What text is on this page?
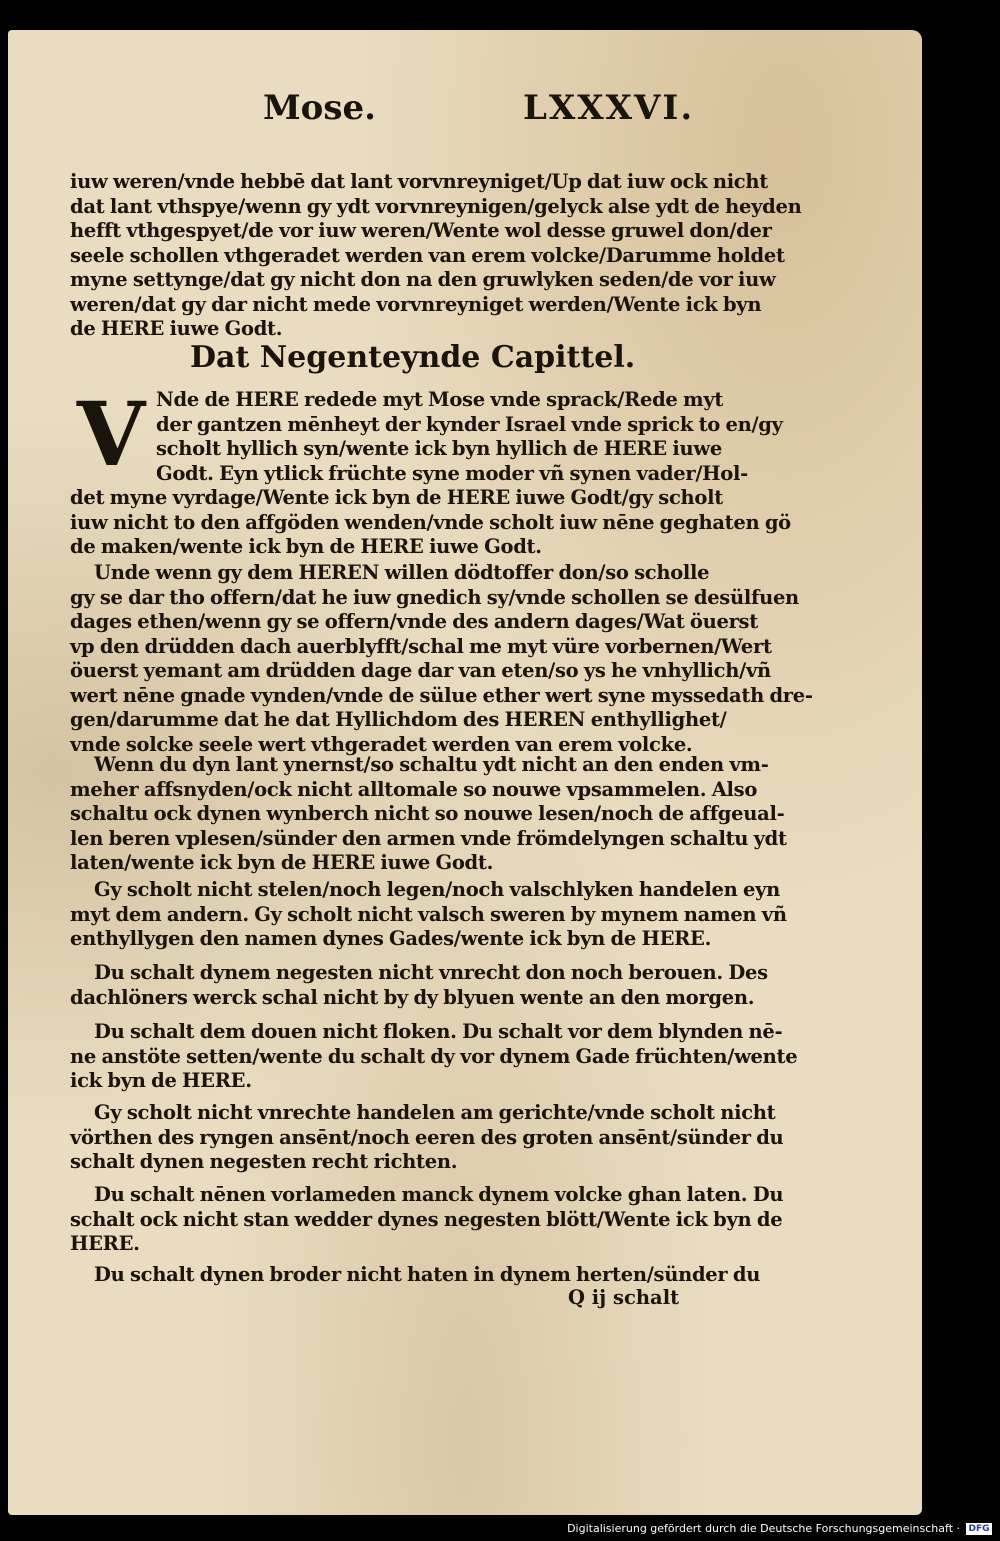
Mose.	LXXXVI.
iuw weren/vnde hebbē dat lant vorvnreyniget/Up dat iuw ock nicht
dat lant vthspye/wenn gy ydt vorvnreynigen/gelyck alse ydt de heyden
hefft vthgespyet/de vor iuw weren/Wente wol desse gruwel don/der
seele schollen vthgeradet werden van erem volcke/Darumme holdet
myne settynge/dat gy nicht don na den gruwlyken seden/de vor iuw
weren/dat gy dar nicht mede vorvnreyniget werden/Wente ick byn
de HERE iuwe Godt.
Dat Negenteynde Capittel.
V Nde de HERE redede myt Mose vnde sprack/Rede myt
der gantzen mēnheyt der kynder Israel vnde sprick to en/gy
scholt hyllich syn/wente ick byn hyllich de HERE iuwe
Godt. Eyn ytlick früchte syne moder vñ synen vader/Hol-
det myne vyrdage/Wente ick byn de HERE iuwe Godt/gy scholt
iuw nicht to den affgöden wenden/vnde scholt iuw nēne geghaten gö
de maken/wente ick byn de HERE iuwe Godt.
Unde wenn gy dem HEREN willen dödtoffer don/so scholle
gy se dar tho offern/dat he iuw gnedich sy/vnde schollen se desülfuen
dages ethen/wenn gy se offern/vnde des andern dages/Wat öuerst
vp den drüdden dach auerblyfft/schal me myt vüre vorbernen/Wert
öuerst yemant am drüdden dage dar van eten/so ys he vnhyllich/vñ
wert nēne gnade vynden/vnde de sülue ether wert syne myssedath dre-
gen/darumme dat he dat Hyllichdom des HEREN enthyllighet/
vnde solcke seele wert vthgeradet werden van erem volcke.
Wenn du dyn lant ynernst/so schaltu ydt nicht an den enden vm-
meher affsnyden/ock nicht alltomale so nouwe vpsammelen. Also
schaltu ock dynen wynberch nicht so nouwe lesen/noch de affgeual-
len beren vplesen/sünder den armen vnde frömdelyngen schaltu ydt
laten/wente ick byn de HERE iuwe Godt.
Gy scholt nicht stelen/noch legen/noch valschlyken handelen eyn
myt dem andern. Gy scholt nicht valsch sweren by mynem namen vñ
enthyllygen den namen dynes Gades/wente ick byn de HERE.
Du schalt dynem negesten nicht vnrecht don noch berouen. Des
dachlöners werck schal nicht by dy blyuen wente an den morgen.
Du schalt dem douen nicht floken. Du schalt vor dem blynden nē-
ne anstöte setten/wente du schalt dy vor dynem Gade früchten/wente
ick byn de HERE.
Gy scholt nicht vnrechte handelen am gerichte/vnde scholt nicht
vörthen des ryngen ansēnt/noch eeren des groten ansēnt/sünder du
schalt dynen negesten recht richten.
Du schalt nēnen vorlameden manck dynem volcke ghan laten. Du
schalt ock nicht stan wedder dynes negesten blött/Wente ick byn de
HERE.
Du schalt dynen broder nicht haten in dynem herten/sünder du
Q ij schalt
Digitalisierung gefördert durch die Deutsche Forschungsgemeinschaft · DFG
